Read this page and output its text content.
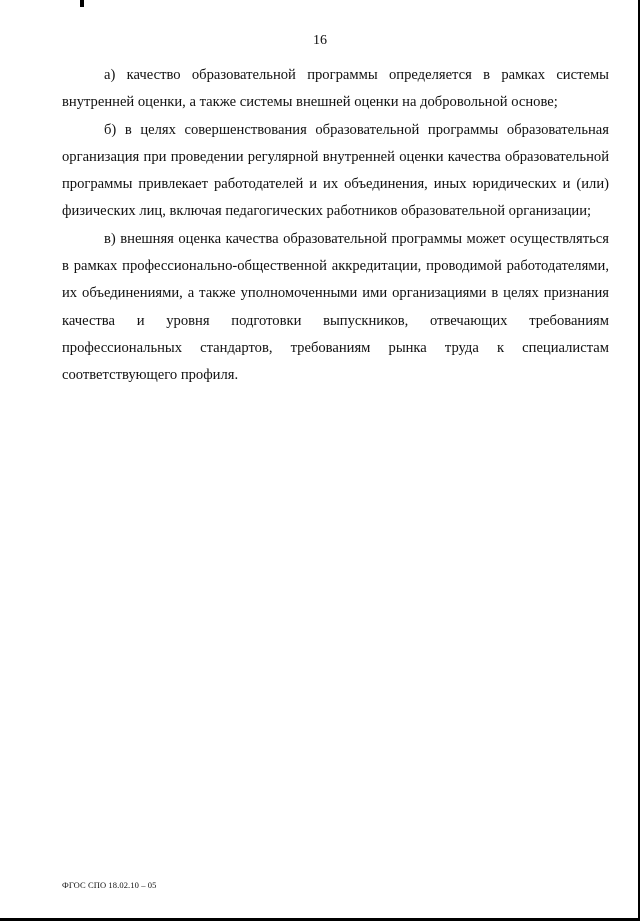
16

а) качество образовательной программы определяется в рамках системы внутренней оценки, а также системы внешней оценки на добровольной основе;

б) в целях совершенствования образовательной программы образовательная организация при проведении регулярной внутренней оценки качества образовательной программы привлекает работодателей и их объединения, иных юридических и (или) физических лиц, включая педагогических работников образовательной организации;

в) внешняя оценка качества образовательной программы может осуществляться в рамках профессионально-общественной аккредитации, проводимой работодателями, их объединениями, а также уполномоченными ими организациями в целях признания качества и уровня подготовки выпускников, отвечающих требованиям профессиональных стандартов, требованиям рынка труда к специалистам соответствующего профиля.

ФГОС СПО 18.02.10 – 05
